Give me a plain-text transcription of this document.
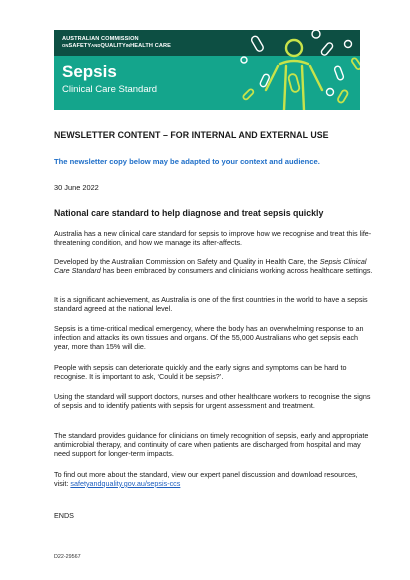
AUSTRALIAN COMMISSION
ONSAFETYANDQUALITYINHEALTH CARE
Sepsis
Clinical Care Standard
NEWSLETTER CONTENT – FOR INTERNAL AND EXTERNAL USE
The newsletter copy below may be adapted to your context and audience.
30 June 2022
National care standard to help diagnose and treat sepsis quickly
Australia has a new clinical care standard for sepsis to improve how we recognise and treat this life-threatening condition, and how we manage its after-affects.
Developed by the Australian Commission on Safety and Quality in Health Care, the Sepsis Clinical Care Standard has been embraced by consumers and clinicians working across healthcare settings.
It is a significant achievement, as Australia is one of the first countries in the world to have a sepsis standard agreed at the national level.
Sepsis is a time-critical medical emergency, where the body has an overwhelming response to an infection and attacks its own tissues and organs. Of the 55,000 Australians who get sepsis each year, more than 15% will die.
People with sepsis can deteriorate quickly and the early signs and symptoms can be hard to recognise. It is important to ask, ‘Could it be sepsis?’.
Using the standard will support doctors, nurses and other healthcare workers to recognise the signs of sepsis and to identify patients with sepsis for urgent assessment and treatment.
The standard provides guidance for clinicians on timely recognition of sepsis, early and appropriate antimicrobial therapy, and continuity of care when patients are discharged from hospital and may need support for longer-term impacts.
To find out more about the standard, view our expert panel discussion and download resources, visit: safetyandquality.gov.au/sepsis-ccs
ENDS
D22-29567
